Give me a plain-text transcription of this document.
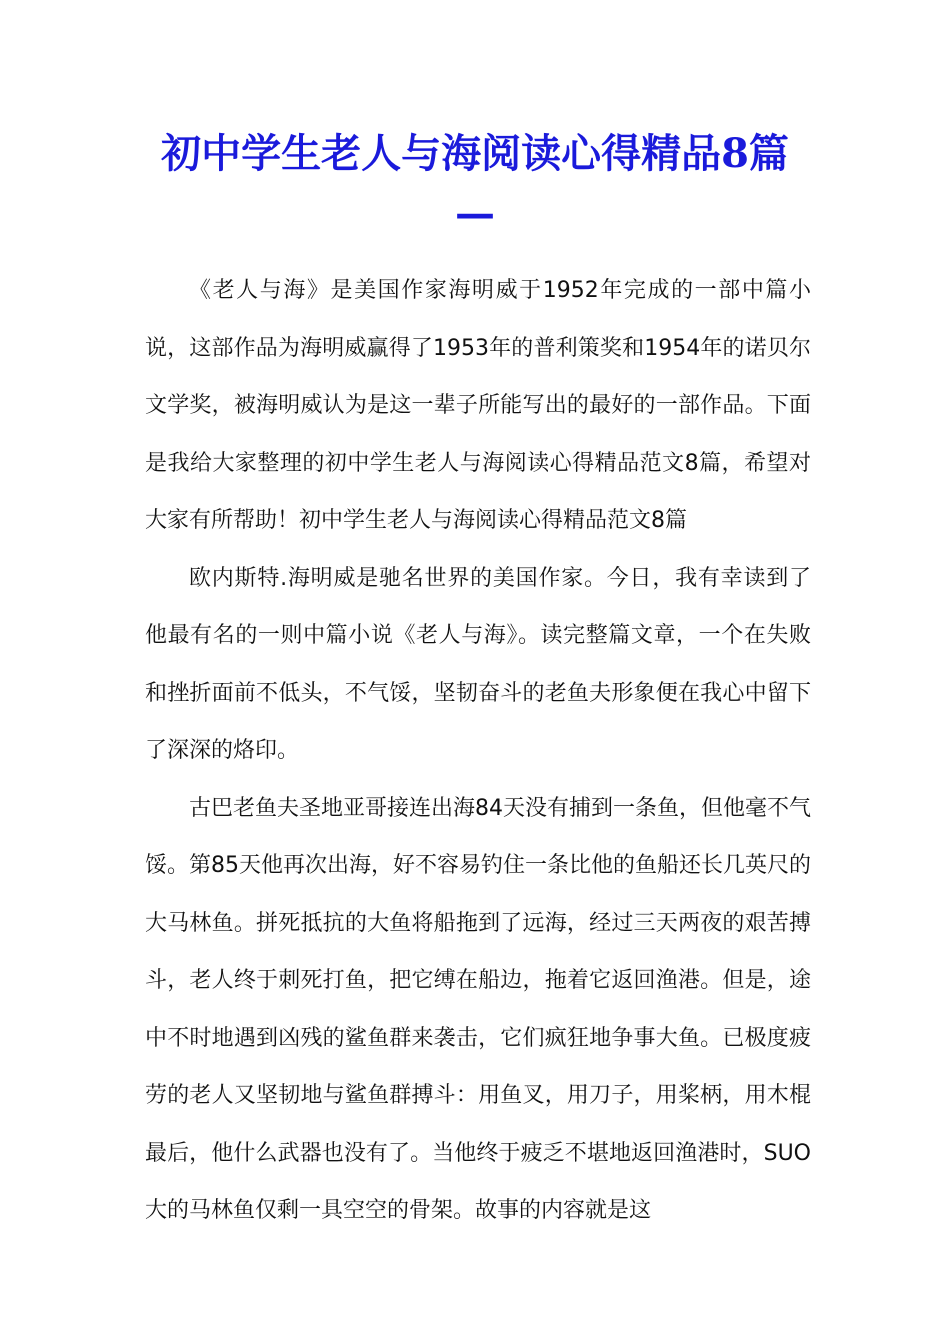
初中学生老人与海阅读心得精品8篇
—

《老人与海》是美国作家海明威于1952年完成的一部中篇小说，这部作品为海明威赢得了1953年的普利策奖和1954年的诺贝尔文学奖，被海明威认为是这一辈子所能写出的最好的一部作品。下面是我给大家整理的初中学生老人与海阅读心得精品范文8篇，希望对大家有所帮助！初中学生老人与海阅读心得精品范文8篇

欧内斯特.海明威是驰名世界的美国作家。今日，我有幸读到了他最有名的一则中篇小说《老人与海》。读完整篇文章，一个在失败和挫折面前不低头，不气馁，坚韧奋斗的老鱼夫形象便在我心中留下了深深的烙印。

古巴老鱼夫圣地亚哥接连出海84天没有捕到一条鱼，但他毫不气馁。第85天他再次出海，好不容易钓住一条比他的鱼船还长几英尺的大马林鱼。拼死抵抗的大鱼将船拖到了远海，经过三天两夜的艰苦搏斗，老人终于刺死打鱼，把它缚在船边，拖着它返回渔港。但是，途中不时地遇到凶残的鲨鱼群来袭击，它们疯狂地争事大鱼。已极度疲劳的老人又坚韧地与鲨鱼群搏斗：用鱼叉，用刀子，用桨柄，用木棍最后，他什么武器也没有了。当他终于疲乏不堪地返回渔港时，SUO大的马林鱼仅剩一具空空的骨架。故事的内容就是这
